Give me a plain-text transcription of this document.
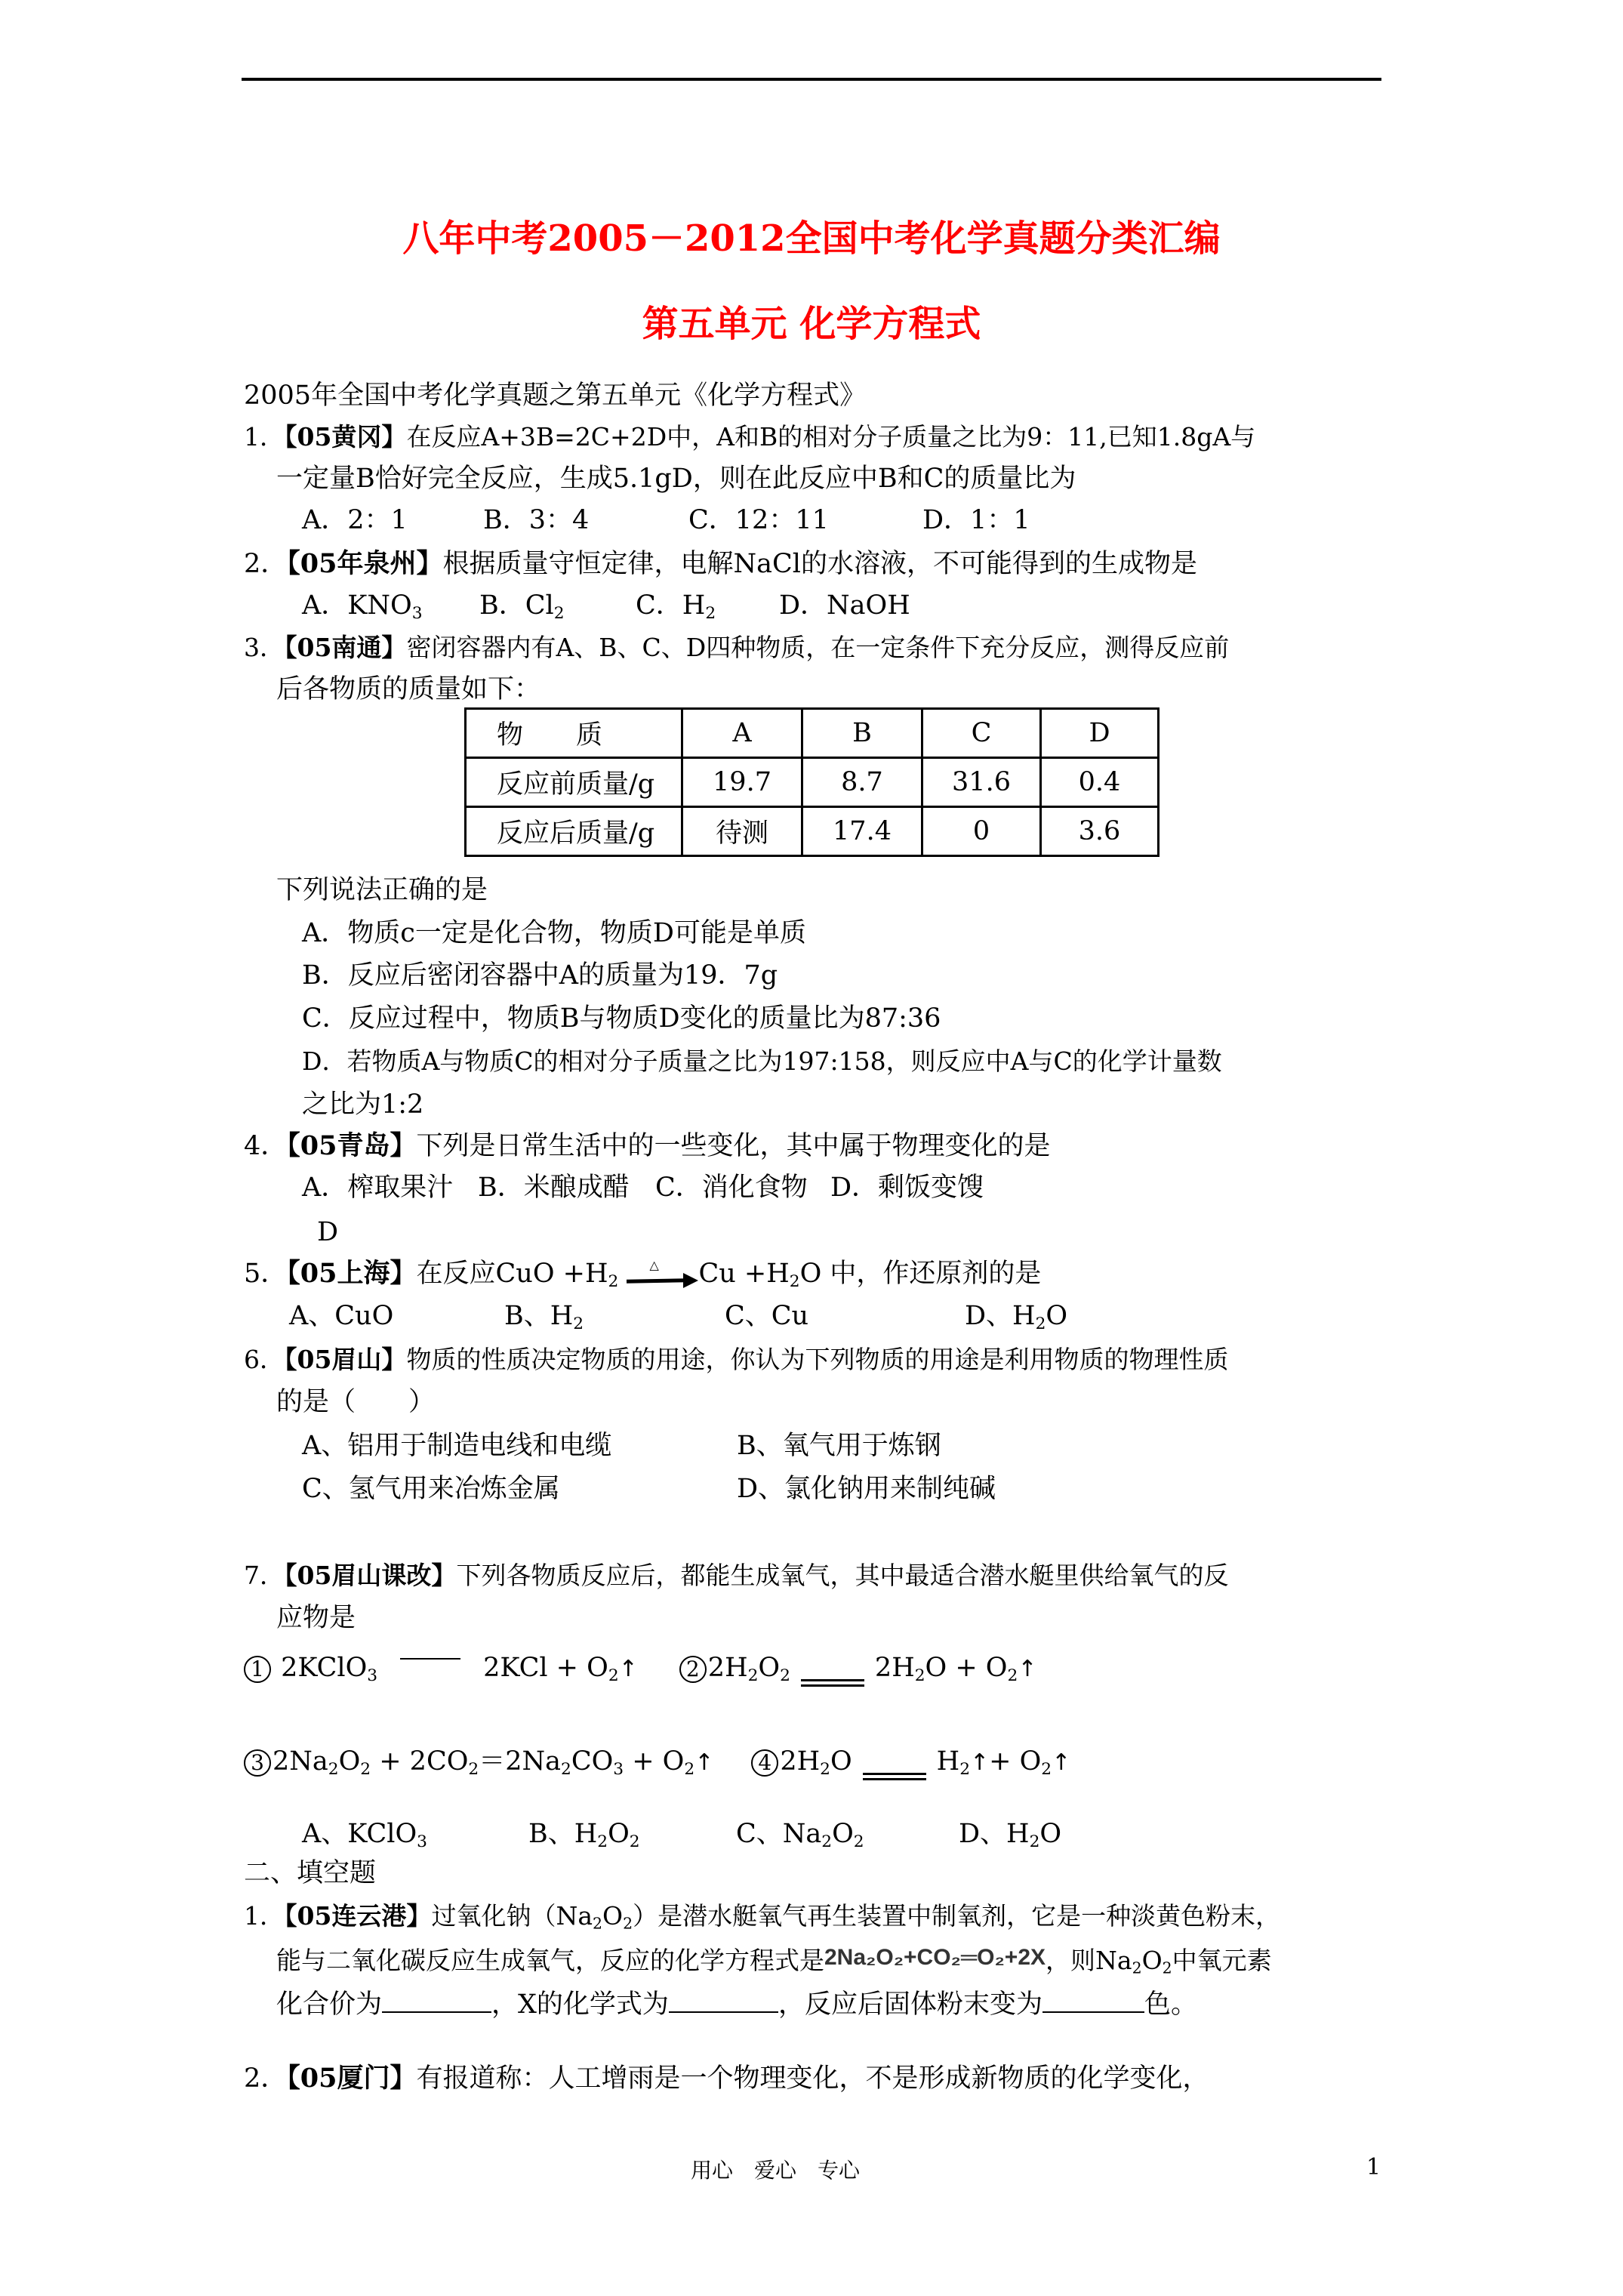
八年中考2005－2012全国中考化学真题分类汇编
第五单元 化学方程式
2005年全国中考化学真题之第五单元《化学方程式》
1．【05黄冈】在反应A+3B=2C+2D中，A和B的相对分子质量之比为9：11,已知1.8gA与
一定量B恰好完全反应，生成5.1gD，则在此反应中B和C的质量比为
A．2：1	B．3：4	C．12：11	D．1：1
2．【05年泉州】根据质量守恒定律，电解NaCl的水溶液，不可能得到的生成物是
A．$KNO_3$ B．$Cl_2$	C．$H_2$ D．NaOH
3．【05南通】密闭容器内有A、B、C、D四种物质，在一定条件下充分反应，测得反应前
后各物质的质量如下：
物　　质	A	B	C	D
反应前质量/g	19.7	8.7	31.6	0.4
反应后质量/g	待测	17.4	0	3.6
下列说法正确的是
A．物质c一定是化合物，物质D可能是单质
B．反应后密闭容器中A的质量为19．7g
C．反应过程中，物质B与物质D变化的质量比为87:36
D．若物质A与物质C的相对分子质量之比为197:158，则反应中A与C的化学计量数
之比为1:2
4．【05青岛】下列是日常生活中的一些变化，其中属于物理变化的是
A．榨取果汁 B．米酿成醋 C．消化食物 D．剩饭变馊
D
5．【05上海】在反应CuO $+H_2$
△ $Cu +H_2O$ 中，作还原剂的是
A、CuO	B、$H_2$	C、Cu	D、$H_2O$
6．【05眉山】物质的性质决定物质的用途，你认为下列物质的用途是利用物质的物理性质
的是（　　）
A、铝用于制造电线和电缆	B、氧气用于炼钢
C、氢气用来冶炼金属	D、氯化钠用来制纯碱
7．【05眉山课改】下列各物质反应后，都能生成氧气，其中最适合潜水艇里供给氧气的反
应物是
1 2KClO$_3$	$2KCl + O_2↑$	2 $2H_2O_2$	$2H_2O$ + $O_2↑$
3 $2Na_2O_2 + 2CO_2=2Na_2CO_3$ + $O_2↑$	4 $2H_2O$	$H_2↑+$ $O_2↑$
A、KClO$_3$	B、$H_2O_2$	C、$Na_2O_2$	D、$H_2O$
二、填空题
1．【05连云港】过氧化钠$(Na_2O_2)$是潜水艇氧气再生装置中制氧剂，它是一种淡黄色粉末，
能与二氧化碳反应生成氧气，反应的化学方程式是2Na₂O₂+CO₂═O₂+2X，则$Na_2O_2$中氧元素
化合价为	，X的化学式为	，反应后固体粉末变为	色。
2．【05厦门】有报道称：人工增雨是一个物理变化，不是形成新物质的化学变化，
用心　爱心　专心	1
